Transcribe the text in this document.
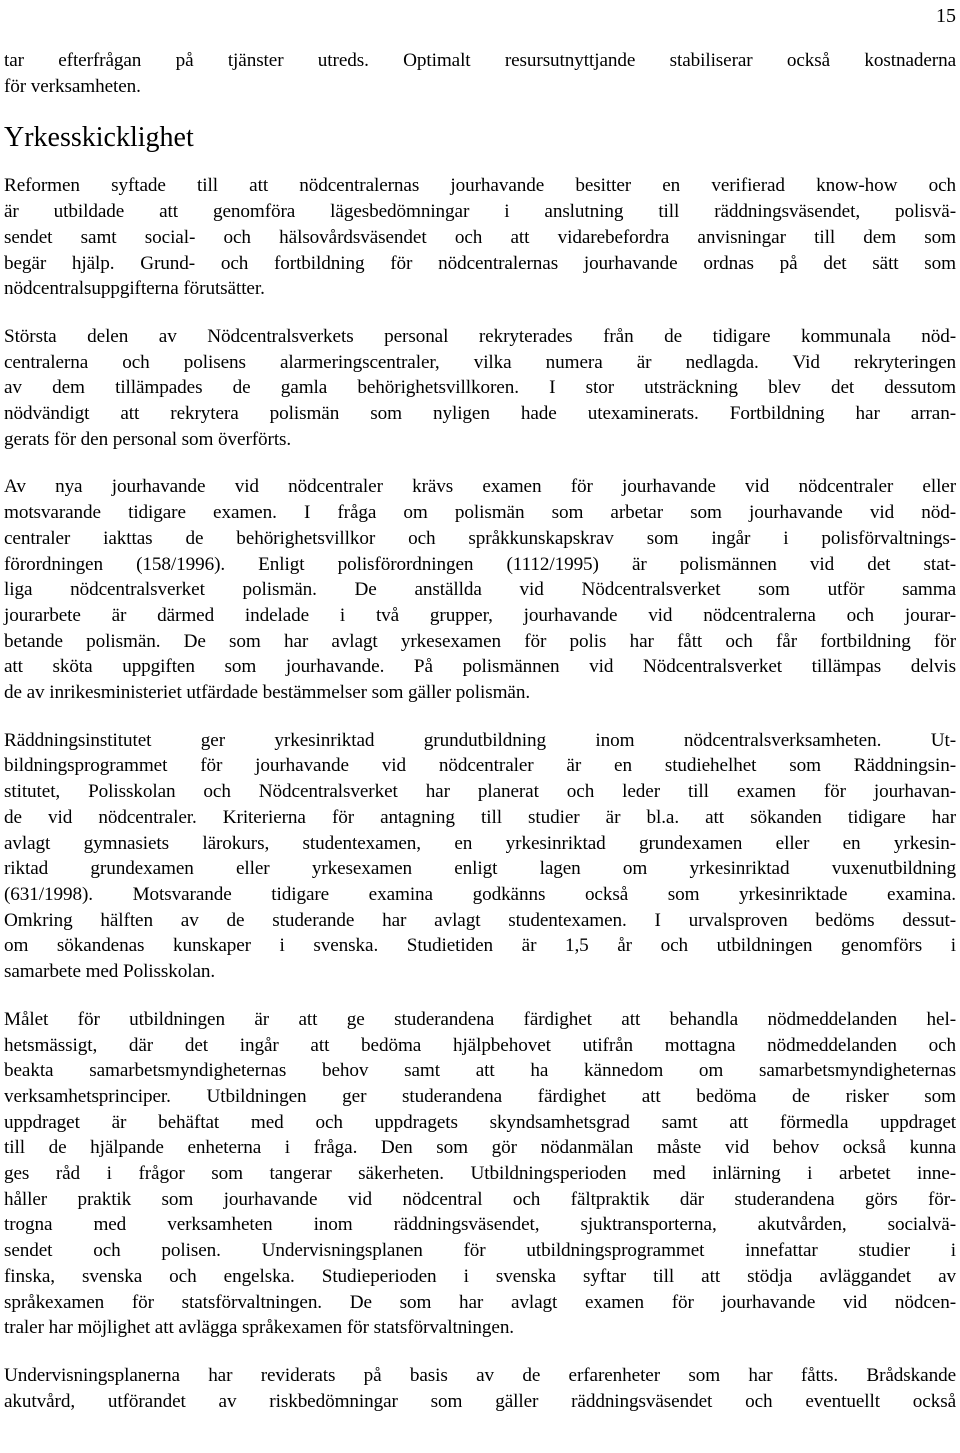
15

tar efterfrågan på tjänster utreds. Optimalt resursutnyttjande stabiliserar också kostnaderna
för verksamheten.

Yrkesskicklighet

Reformen syftade till att nödcentralernas jourhavande besitter en verifierad know-how och
är utbildade att genomföra lägesbedömningar i anslutning till räddningsväsendet, polisvä-
sendet samt social- och hälsovårdsväsendet och att vidarebefordra anvisningar till dem som
begär hjälp. Grund- och fortbildning för nödcentralernas jourhavande ordnas på det sätt som
nödcentralsuppgifterna förutsätter.

Största delen av Nödcentralsverkets personal rekryterades från de tidigare kommunala nöd-
centralerna och polisens alarmeringscentraler, vilka numera är nedlagda. Vid rekryteringen
av dem tillämpades de gamla behörighetsvillkoren. I stor utsträckning blev det dessutom
nödvändigt att rekrytera polismän som nyligen hade utexaminerats. Fortbildning har arran-
gerats för den personal som överförts.

Av nya jourhavande vid nödcentraler krävs examen för jourhavande vid nödcentraler eller
motsvarande tidigare examen. I fråga om polismän som arbetar som jourhavande vid nöd-
centraler iakttas de behörighetsvillkor och språkkunskapskrav som ingår i polisförvaltnings-
förordningen (158/1996). Enligt polisförordningen (1112/1995) är polismännen vid det stat-
liga nödcentralsverket polismän. De anställda vid Nödcentralsverket som utför samma
jourarbete är därmed indelade i två grupper, jourhavande vid nödcentralerna och jourar-
betande polismän. De som har avlagt yrkesexamen för polis har fått och får fortbildning för
att sköta uppgiften som jourhavande. På polismännen vid Nödcentralsverket tillämpas delvis
de av inrikesministeriet utfärdade bestämmelser som gäller polismän.

Räddningsinstitutet ger yrkesinriktad grundutbildning inom nödcentralsverksamheten. Ut-
bildningsprogrammet för jourhavande vid nödcentraler är en studiehelhet som Räddningsin-
stitutet, Polisskolan och Nödcentralsverket har planerat och leder till examen för jourhavan-
de vid nödcentraler. Kriterierna för antagning till studier är bl.a. att sökanden tidigare har
avlagt gymnasiets lärokurs, studentexamen, en yrkesinriktad grundexamen eller en yrkesin-
riktad grundexamen eller yrkesexamen enligt lagen om yrkesinriktad vuxenutbildning
(631/1998). Motsvarande tidigare examina godkänns också som yrkesinriktade examina.
Omkring hälften av de studerande har avlagt studentexamen. I urvalsproven bedöms dessut-
om sökandenas kunskaper i svenska. Studietiden är 1,5 år och utbildningen genomförs i
samarbete med Polisskolan.

Målet för utbildningen är att ge studerandena färdighet att behandla nödmeddelanden hel-
hetsmässigt, där det ingår att bedöma hjälpbehovet utifrån mottagna nödmeddelanden och
beakta samarbetsmyndigheternas behov samt att ha kännedom om samarbetsmyndigheternas
verksamhetsprinciper. Utbildningen ger studerandena färdighet att bedöma de risker som
uppdraget är behäftat med och uppdragets skyndsamhetsgrad samt att förmedla uppdraget
till de hjälpande enheterna i fråga. Den som gör nödanmälan måste vid behov också kunna
ges råd i frågor som tangerar säkerheten. Utbildningsperioden med inlärning i arbetet inne-
håller praktik som jourhavande vid nödcentral och fältpraktik där studerandena görs för-
trogna med verksamheten inom räddningsväsendet, sjuktransporterna, akutvården, socialvä-
sendet och polisen. Undervisningsplanen för utbildningsprogrammet innefattar studier i
finska, svenska och engelska. Studieperioden i svenska syftar till att stödja avläggandet av
språkexamen för statsförvaltningen. De som har avlagt examen för jourhavande vid nödcen-
traler har möjlighet att avlägga språkexamen för statsförvaltningen.

Undervisningsplanerna har reviderats på basis av de erfarenheter som har fåtts. Brådskande
akutvård, utförandet av riskbedömningar som gäller räddningsväsendet och eventuellt också
